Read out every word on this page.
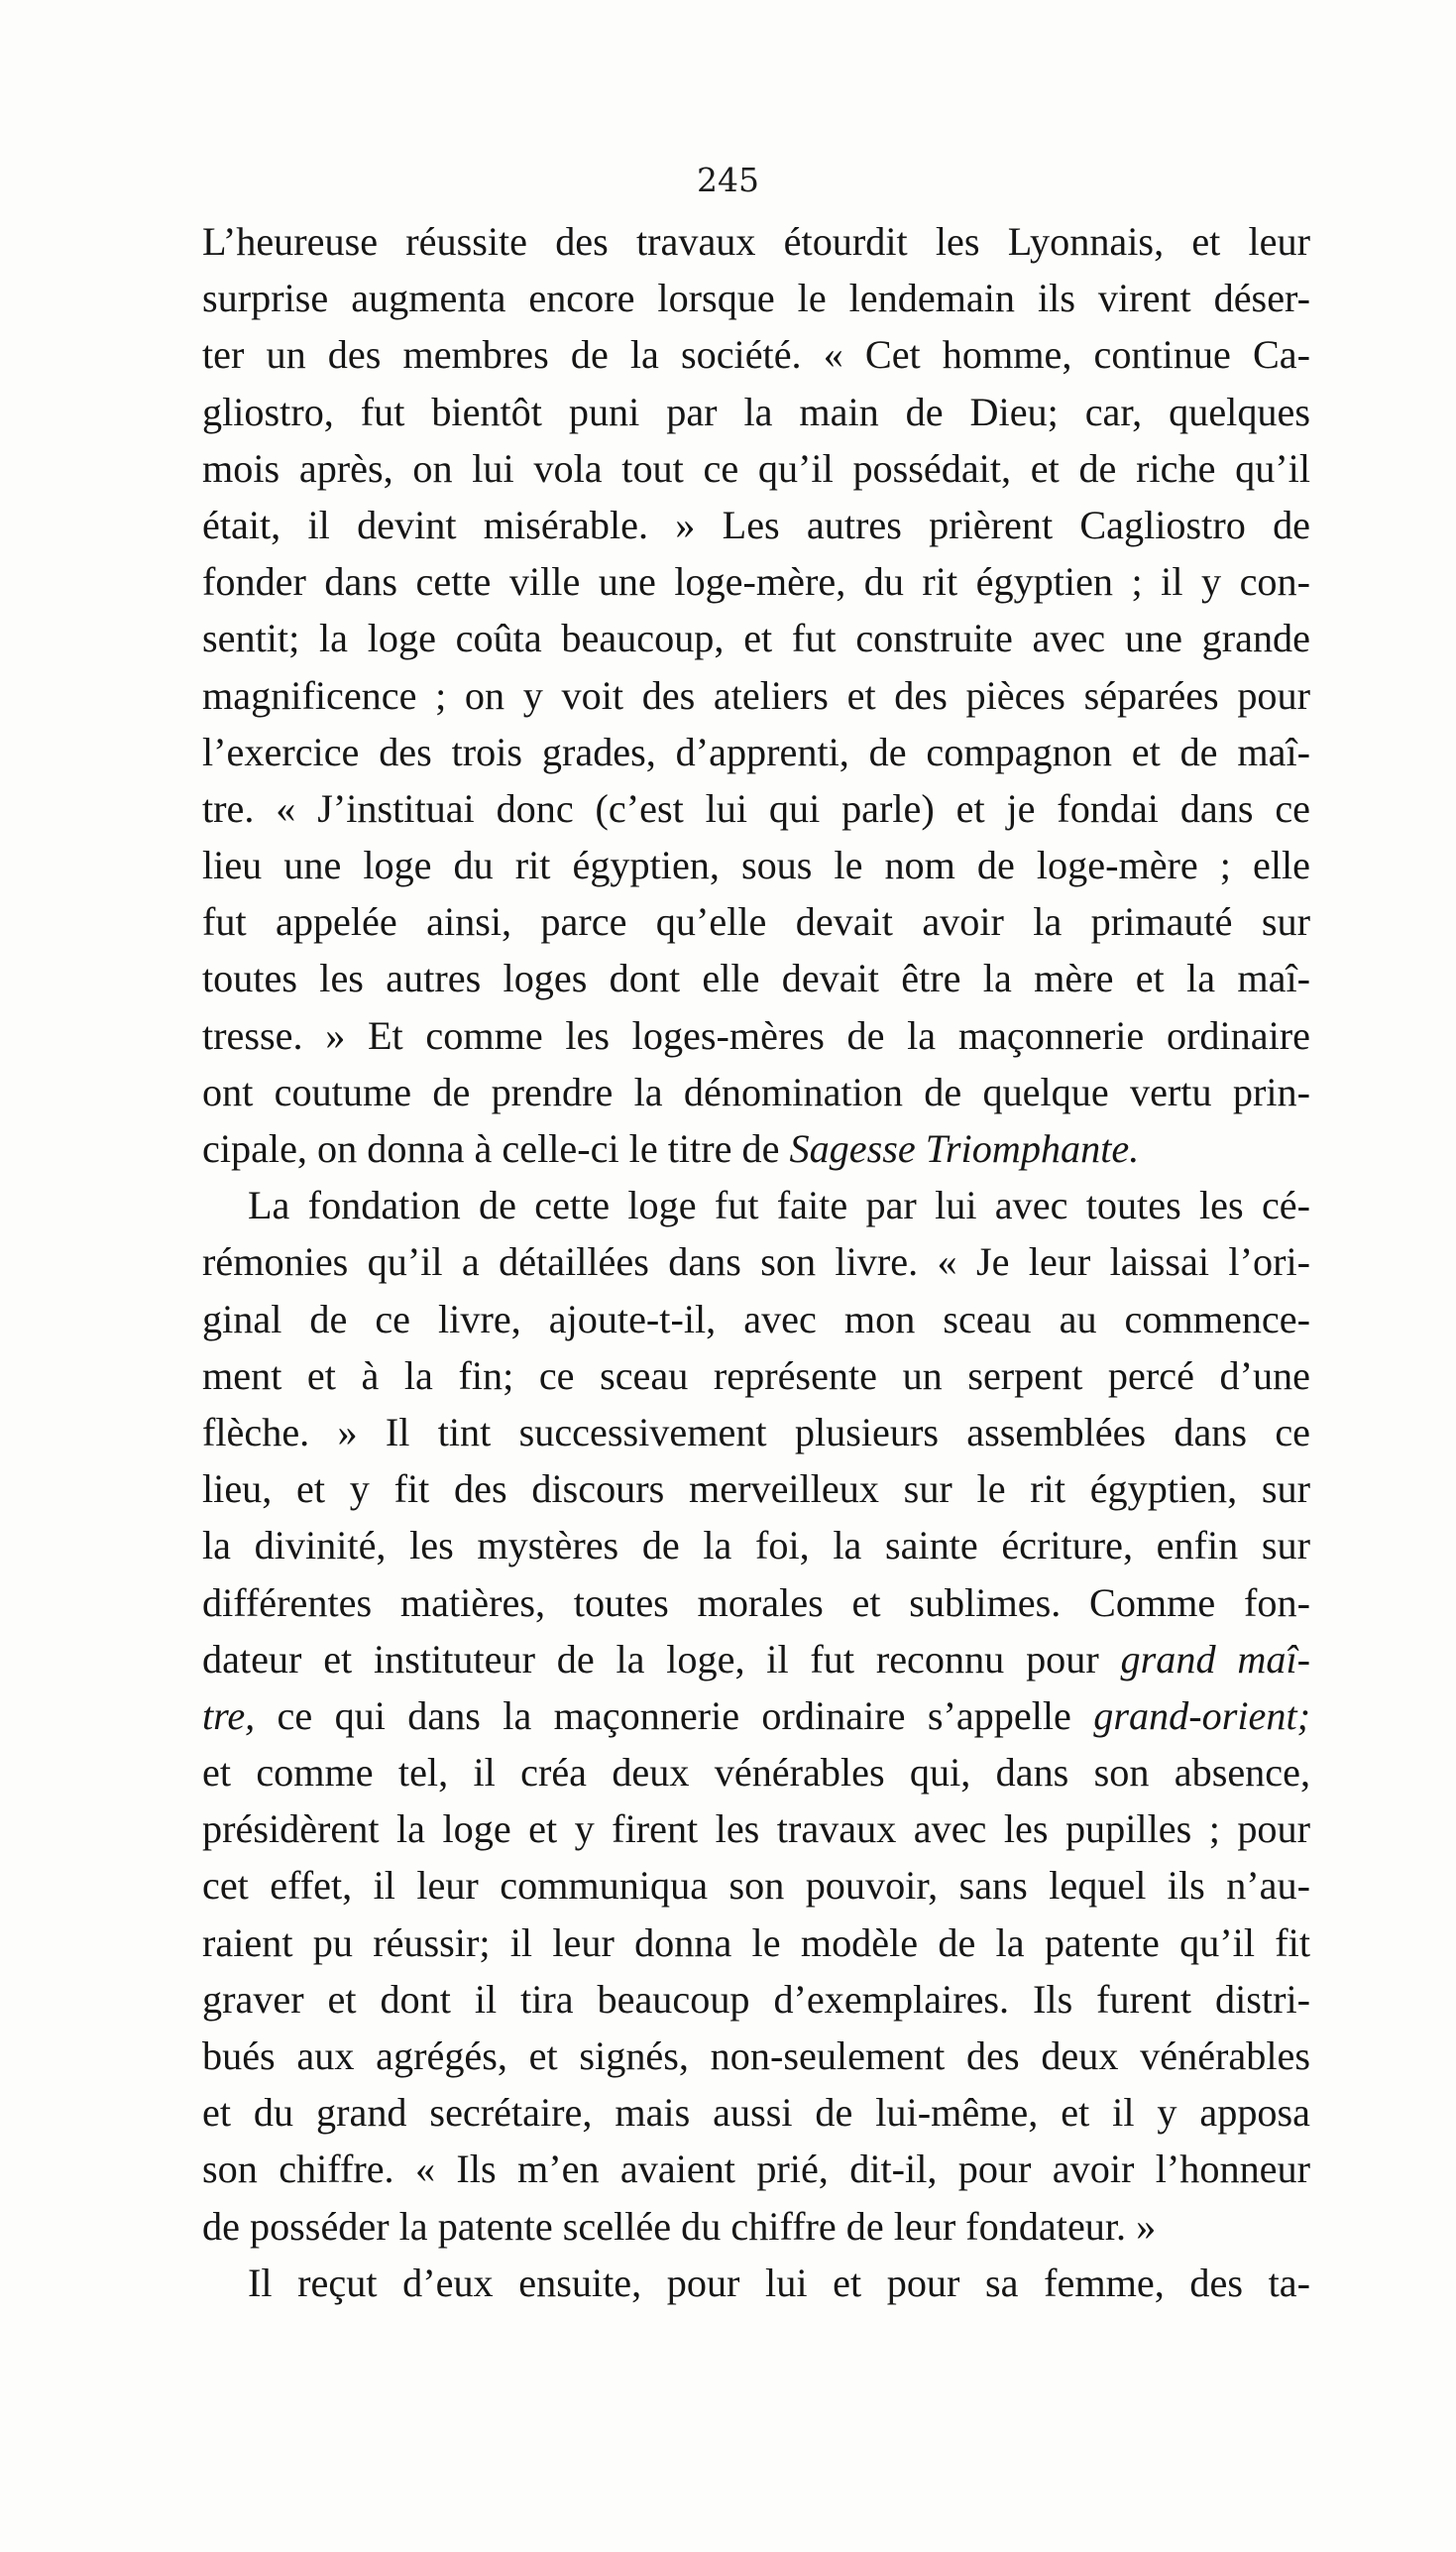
245
L’heureuse réussite des travaux étourdit les Lyonnais, et leur
surprise augmenta encore lorsque le lendemain ils virent déser-
ter un des membres de la société. « Cet homme, continue Ca-
gliostro, fut bientôt puni par la main de Dieu; car, quelques
mois après, on lui vola tout ce qu’il possédait, et de riche qu’il
était, il devint misérable. » Les autres prièrent Cagliostro de
fonder dans cette ville une loge-mère, du rit égyptien ; il y con-
sentit; la loge coûta beaucoup, et fut construite avec une grande
magnificence ; on y voit des ateliers et des pièces séparées pour
l’exercice des trois grades, d’apprenti, de compagnon et de maî-
tre. « J’instituai donc (c’est lui qui parle) et je fondai dans ce
lieu une loge du rit égyptien, sous le nom de loge-mère ; elle
fut appelée ainsi, parce qu’elle devait avoir la primauté sur
toutes les autres loges dont elle devait être la mère et la maî-
tresse. » Et comme les loges-mères de la maçonnerie ordinaire
ont coutume de prendre la dénomination de quelque vertu prin-
cipale, on donna à celle-ci le titre de Sagesse Triomphante.
La fondation de cette loge fut faite par lui avec toutes les cé-
rémonies qu’il a détaillées dans son livre. « Je leur laissai l’ori-
ginal de ce livre, ajoute-t-il, avec mon sceau au commence-
ment et à la fin; ce sceau représente un serpent percé d’une
flèche. » Il tint successivement plusieurs assemblées dans ce
lieu, et y fit des discours merveilleux sur le rit égyptien, sur
la divinité, les mystères de la foi, la sainte écriture, enfin sur
différentes matières, toutes morales et sublimes. Comme fon-
dateur et instituteur de la loge, il fut reconnu pour grand maî-
tre, ce qui dans la maçonnerie ordinaire s’appelle grand-orient;
et comme tel, il créa deux vénérables qui, dans son absence,
présidèrent la loge et y firent les travaux avec les pupilles ; pour
cet effet, il leur communiqua son pouvoir, sans lequel ils n’au-
raient pu réussir; il leur donna le modèle de la patente qu’il fit
graver et dont il tira beaucoup d’exemplaires. Ils furent distri-
bués aux agrégés, et signés, non-seulement des deux vénérables
et du grand secrétaire, mais aussi de lui-même, et il y apposa
son chiffre. « Ils m’en avaient prié, dit-il, pour avoir l’honneur
de posséder la patente scellée du chiffre de leur fondateur. »
Il reçut d’eux ensuite, pour lui et pour sa femme, des ta-
